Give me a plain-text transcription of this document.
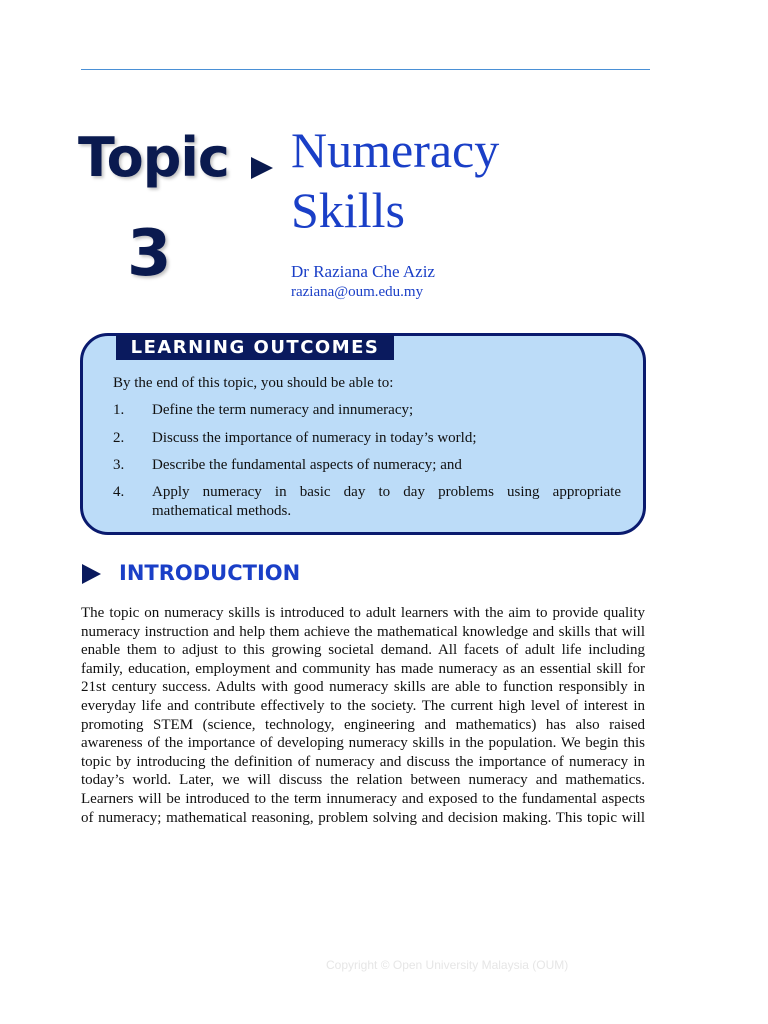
Topic
3
Numeracy
Skills
Dr Raziana Che Aziz
raziana@oum.edu.my
LEARNING OUTCOMES
By the end of this topic, you should be able to:
1. Define the term numeracy and innumeracy;
2. Discuss the importance of numeracy in today’s world;
3. Describe the fundamental aspects of numeracy; and
4. Apply numeracy in basic day to day problems using appropriate mathematical methods.
INTRODUCTION
The topic on numeracy skills is introduced to adult learners with the aim to provide quality numeracy instruction and help them achieve the mathematical knowledge and skills that will enable them to adjust to this growing societal demand. All facets of adult life including family, education, employment and community has made numeracy as an essential skill for 21st century success. Adults with good numeracy skills are able to function responsibly in everyday life and contribute effectively to the society. The current high level of interest in promoting STEM (science, technology, engineering and mathematics) has also raised awareness of the importance of developing numeracy skills in the population. We begin this topic by introducing the definition of numeracy and discuss the importance of numeracy in today’s world. Later, we will discuss the relation between numeracy and mathematics. Learners will be introduced to the term innumeracy and exposed to the fundamental aspects of numeracy; mathematical reasoning, problem solving and decision making. This topic will
Copyright © Open University Malaysia (OUM)
